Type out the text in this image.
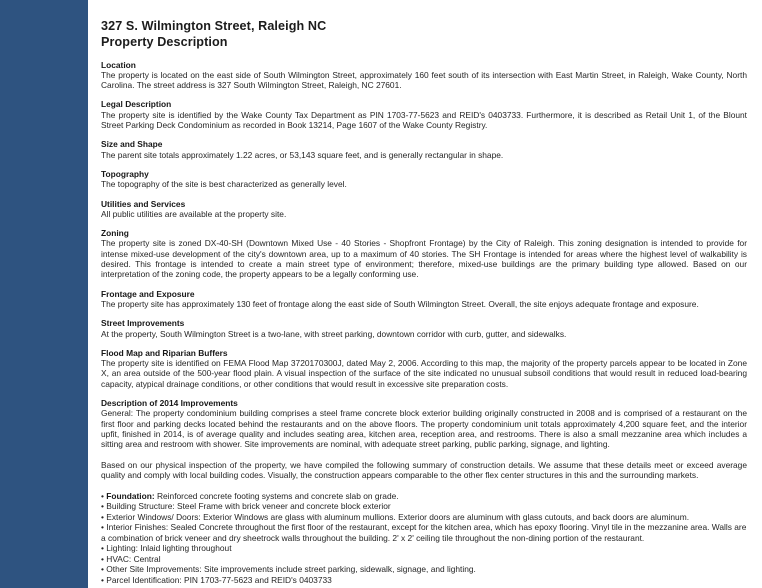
327 S. Wilmington Street, Raleigh NC
Property Description
Location

The property is located on the east side of South Wilmington Street, approximately 160 feet south of its intersection with East Martin Street, in Raleigh, Wake County, North Carolina. The street address is 327 South Wilmington Street, Raleigh, NC 27601.

Legal Description

The property site is identified by the Wake County Tax Department as PIN 1703-77-5623 and REID's 0403733. Furthermore, it is described as Retail Unit 1, of the Blount Street Parking Deck Condominium as recorded in Book 13214, Page 1607 of the Wake County Registry.

Size and Shape

The parent site totals approximately 1.22 acres, or 53,143 square feet, and is generally rectangular in shape.

Topography

The topography of the site is best characterized as generally level.

Utilities and Services

All public utilities are available at the property site.

Zoning

The property site is zoned DX-40-SH (Downtown Mixed Use - 40 Stories - Shopfront Frontage) by the City of Raleigh. This zoning designation is intended to provide for intense mixed-use development of the city's downtown area, up to a maximum of 40 stories. The SH Frontage is intended for areas where the highest level of walkability is desired. This frontage is intended to create a main street type of environment; therefore, mixed-use buildings are the primary building type allowed. Based on our interpretation of the zoning code, the property appears to be a legally conforming use.

Frontage and Exposure

The property site has approximately 130 feet of frontage along the east side of South Wilmington Street. Overall, the site enjoys adequate frontage and exposure.

Street Improvements

At the property, South Wilmington Street is a two-lane, with street parking, downtown corridor with curb, gutter, and sidewalks.

Flood Map and Riparian Buffers

The property site is identified on FEMA Flood Map 3720170300J, dated May 2, 2006. According to this map, the majority of the property parcels appear to be located in Zone X, an area outside of the 500-year flood plain. A visual inspection of the surface of the site indicated no unusual subsoil conditions that would result in reduced load-bearing capacity, atypical drainage conditions, or other conditions that would result in excessive site preparation costs.

Description of 2014 Improvements

General: The property condominium building comprises a steel frame concrete block exterior building originally constructed in 2008 and is comprised of a restaurant on the first floor and parking decks located behind the restaurants and on the above floors. The property condominium unit totals approximately 4,200 square feet, and the interior upfit, finished in 2014, is of average quality and includes seating area, kitchen area, reception area, and restrooms. There is also a small mezzanine area which includes a sitting area and restroom with shower. Site improvements are nominal, with adequate street parking, public parking, signage, and lighting.

Based on our physical inspection of the property, we have compiled the following summary of construction details. We assume that these details meet or exceed average quality and comply with local building codes. Visually, the construction appears comparable to the other flex center structures in this and the surrounding markets.

• Foundation: Reinforced concrete footing systems and concrete slab on grade.
• Building Structure: Steel Frame with brick veneer and concrete block exterior
• Exterior Windows/ Doors: Exterior Windows are glass with aluminum mullions. Exterior doors are aluminum with glass cutouts, and back doors are aluminum.
• Interior Finishes: Sealed Concrete throughout the first floor of the restaurant, except for the kitchen area, which has epoxy flooring. Vinyl tile in the mezzanine area. Walls are a combination of brick veneer and dry sheetrock walls throughout the building. 2' x 2' ceiling tile throughout the non-dining portion of the restaurant.
• Lighting: Inlaid lighting throughout
• HVAC: Central
• Other Site Improvements: Site improvements include street parking, sidewalk, signage, and lighting.
• Parcel Identification: PIN 1703-77-5623 and REID's 0403733
